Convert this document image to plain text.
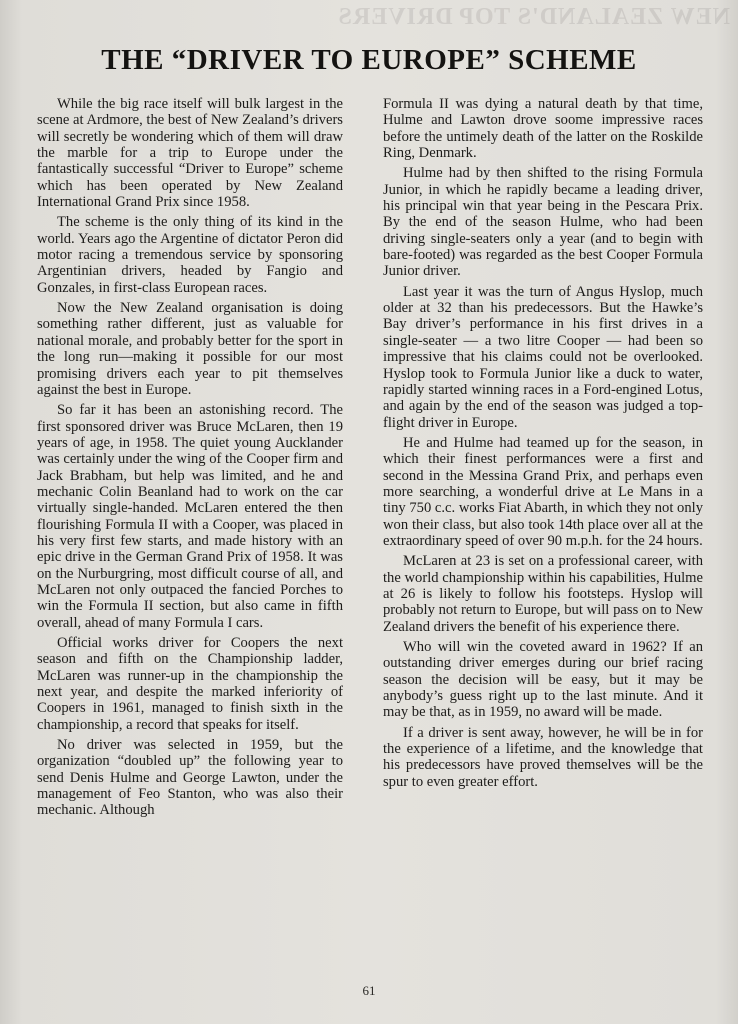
NEW ZEALAND'S TOP DRIVERS
THE “DRIVER TO EUROPE” SCHEME

While the big race itself will bulk largest in the scene at Ardmore, the best of New Zealand’s drivers will secretly be wondering which of them will draw the marble for a trip to Europe under the fantastically successful “Driver to Europe” scheme which has been operated by New Zealand International Grand Prix since 1958.

The scheme is the only thing of its kind in the world. Years ago the Argentine of dictator Peron did motor racing a tremendous service by sponsoring Argentinian drivers, headed by Fangio and Gonzales, in first-class European races.

Now the New Zealand organisation is doing something rather different, just as valuable for national morale, and probably better for the sport in the long run—making it possible for our most promising drivers each year to pit themselves against the best in Europe.

So far it has been an astonishing record. The first sponsored driver was Bruce McLaren, then 19 years of age, in 1958. The quiet young Aucklander was certainly under the wing of the Cooper firm and Jack Brabham, but help was limited, and he and mechanic Colin Beanland had to work on the car virtually single-handed. McLaren entered the then flourishing Formula II with a Cooper, was placed in his very first few starts, and made history with an epic drive in the German Grand Prix of 1958. It was on the Nurburgring, most difficult course of all, and McLaren not only outpaced the fancied Porches to win the Formula II section, but also came in fifth overall, ahead of many Formula I cars.

Official works driver for Coopers the next season and fifth on the Championship ladder, McLaren was runner-up in the championship the next year, and despite the marked inferiority of Coopers in 1961, managed to finish sixth in the championship, a record that speaks for itself.

No driver was selected in 1959, but the organization “doubled up” the following year to send Denis Hulme and George Lawton, under the management of Feo Stanton, who was also their mechanic. Although

Formula II was dying a natural death by that time, Hulme and Lawton drove soome impressive races before the untimely death of the latter on the Roskilde Ring, Denmark.

Hulme had by then shifted to the rising Formula Junior, in which he rapidly became a leading driver, his principal win that year being in the Pescara Prix. By the end of the season Hulme, who had been driving single-seaters only a year (and to begin with bare-footed) was regarded as the best Cooper Formula Junior driver.

Last year it was the turn of Angus Hyslop, much older at 32 than his predecessors. But the Hawke’s Bay driver’s performance in his first drives in a single-seater — a two litre Cooper — had been so impressive that his claims could not be overlooked. Hyslop took to Formula Junior like a duck to water, rapidly started winning races in a Ford-engined Lotus, and again by the end of the season was judged a top-flight driver in Europe.

He and Hulme had teamed up for the season, in which their finest performances were a first and second in the Messina Grand Prix, and perhaps even more searching, a wonderful drive at Le Mans in a tiny 750 c.c. works Fiat Abarth, in which they not only won their class, but also took 14th place over all at the extraordinary speed of over 90 m.p.h. for the 24 hours.

McLaren at 23 is set on a professional career, with the world championship within his capabilities, Hulme at 26 is likely to follow his footsteps. Hyslop will probably not return to Europe, but will pass on to New Zealand drivers the benefit of his experience there.

Who will win the coveted award in 1962? If an outstanding driver emerges during our brief racing season the decision will be easy, but it may be anybody’s guess right up to the last minute. And it may be that, as in 1959, no award will be made.

If a driver is sent away, however, he will be in for the experience of a lifetime, and the knowledge that his predecessors have proved themselves will be the spur to even greater effort.

61
